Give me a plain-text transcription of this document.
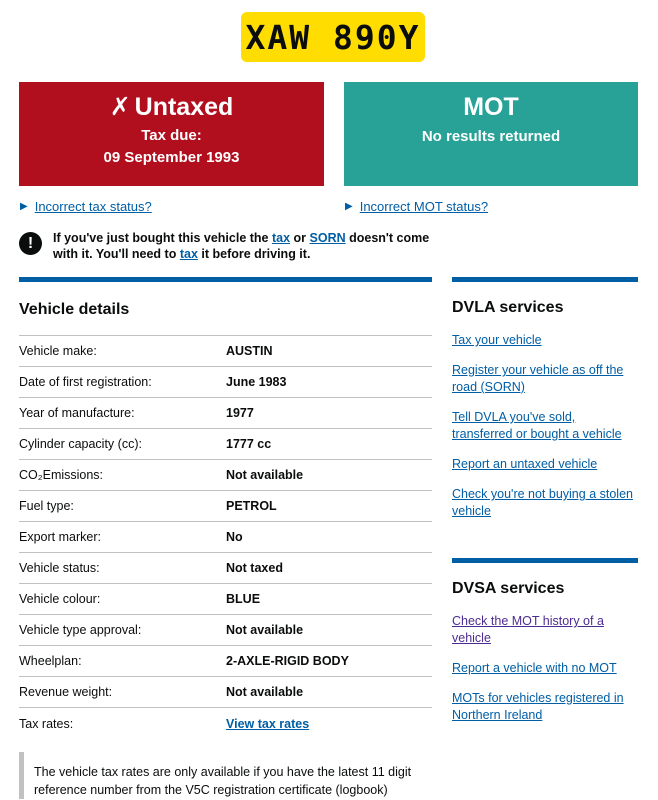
XAW 890Y
✗ Untaxed
Tax due:
09 September 1993
MOT
No results returned
▶ Incorrect tax status?	▶ Incorrect MOT status?
!	If you've just bought this vehicle the tax or SORN doesn't come with it. You'll need to tax it before driving it.
Vehicle details
Vehicle make:	AUSTIN
Date of first registration:	June 1983
Year of manufacture:	1977
Cylinder capacity (cc):	1777 cc
CO₂Emissions:	Not available
Fuel type:	PETROL
Export marker:	No
Vehicle status:	Not taxed
Vehicle colour:	BLUE
Vehicle type approval:	Not available
Wheelplan:	2-AXLE-RIGID BODY
Revenue weight:	Not available
Tax rates:	View tax rates
DVLA services
Tax your vehicle
Register your vehicle as off the road (SORN)
Tell DVLA you've sold, transferred or bought a vehicle
Report an untaxed vehicle
Check you're not buying a stolen vehicle
DVSA services
Check the MOT history of a vehicle
Report a vehicle with no MOT
MOTs for vehicles registered in Northern Ireland
The vehicle tax rates are only available if you have the latest 11 digit reference number from the V5C registration certificate (logbook)
